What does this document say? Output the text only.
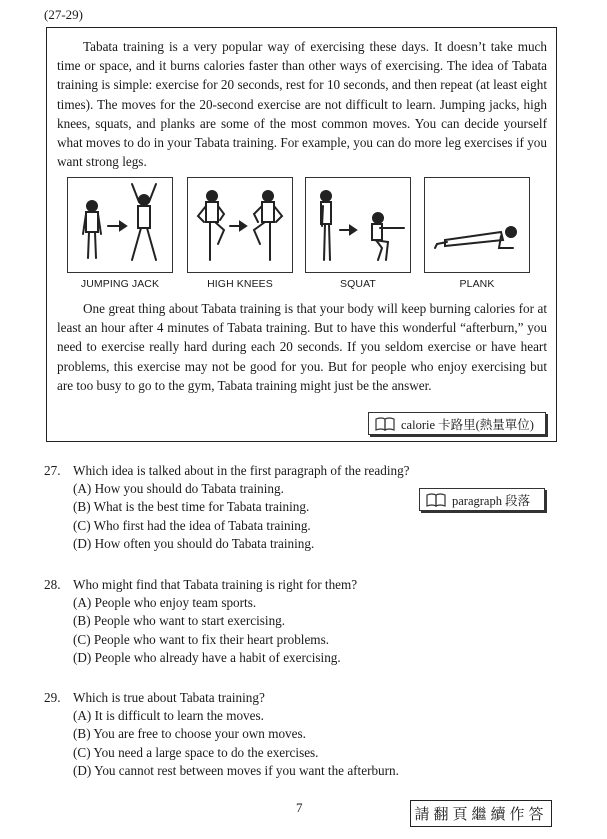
(27-29)

Tabata training is a very popular way of exercising these days. It doesn’t take much time or space, and it burns calories faster than other ways of exercising. The idea of Tabata training is simple: exercise for 20 seconds, rest for 10 seconds, and then repeat (at least eight times). The moves for the 20-second exercise are not difficult to learn. Jumping jacks, high knees, squats, and planks are some of the most common moves. You can decide yourself what moves to do in your Tabata training. For example, you can do more leg exercises if you want strong legs.

JUMPING JACK	HIGH KNEES	SQUAT	PLANK

One great thing about Tabata training is that your body will keep burning calories for at least an hour after 4 minutes of Tabata training. But to have this wonderful “afterburn,” you need to exercise really hard during each 20 seconds. If you seldom exercise or have heart problems, this exercise may not be good for you. But for people who enjoy exercising but are too busy to go to the gym, Tabata training might just be the answer.

calorie 卡路里(熱量單位)
27. Which idea is talked about in the first paragraph of the reading?
(A) How you should do Tabata training.
(B) What is the best time for Tabata training.
(C) Who first had the idea of Tabata training.
(D) How often you should do Tabata training.
paragraph 段落
28. Who might find that Tabata training is right for them?
(A) People who enjoy team sports.
(B) People who want to start exercising.
(C) People who want to fix their heart problems.
(D) People who already have a habit of exercising.
29. Which is true about Tabata training?
(A) It is difficult to learn the moves.
(B) You are free to choose your own moves.
(C) You need a large space to do the exercises.
(D) You cannot rest between moves if you want the afterburn.
7	請翻頁繼續作答
